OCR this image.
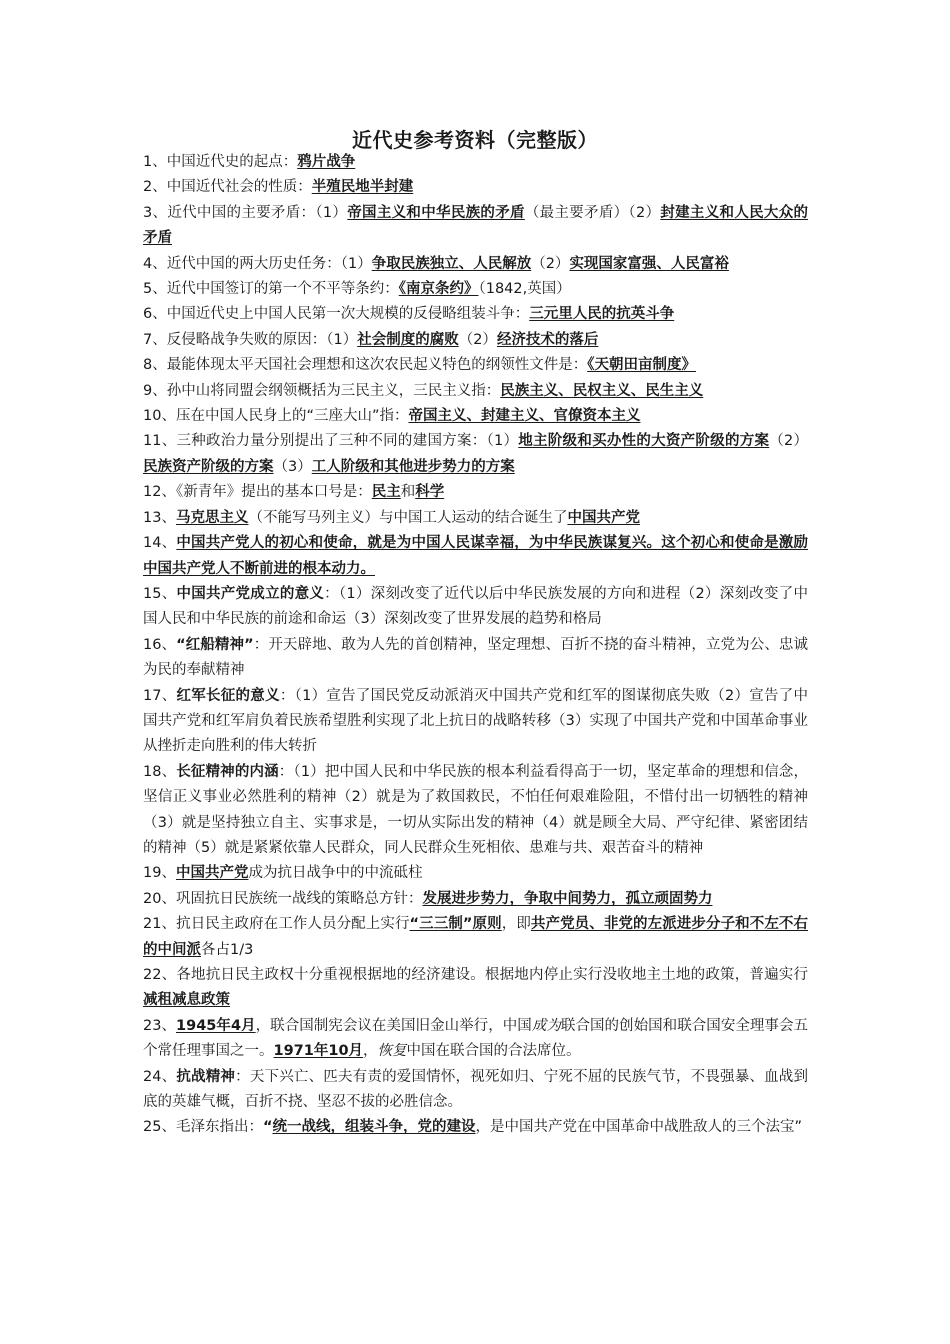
近代史参考资料（完整版）
1、中国近代史的起点：鸦片战争
2、中国近代社会的性质：半殖民地半封建
3、近代中国的主要矛盾：（1）帝国主义和中华民族的矛盾（最主要矛盾）（2）封建主义和人民大众的矛盾
4、近代中国的两大历史任务：（1）争取民族独立、人民解放（2）实现国家富强、人民富裕
5、近代中国签订的第一个不平等条约：《南京条约》（1842,英国）
6、中国近代史上中国人民第一次大规模的反侵略组装斗争：三元里人民的抗英斗争
7、反侵略战争失败的原因：（1）社会制度的腐败（2）经济技术的落后
8、最能体现太平天国社会理想和这次农民起义特色的纲领性文件是：《天朝田亩制度》
9、孙中山将同盟会纲领概括为三民主义，三民主义指：民族主义、民权主义、民生主义
10、压在中国人民身上的“三座大山”指：帝国主义、封建主义、官僚资本主义
11、三种政治力量分别提出了三种不同的建国方案：（1）地主阶级和买办性的大资产阶级的方案（2）民族资产阶级的方案（3）工人阶级和其他进步势力的方案
12、《新青年》提出的基本口号是：民主和科学
13、马克思主义（不能写马列主义）与中国工人运动的结合诞生了中国共产党
14、中国共产党人的初心和使命，就是为中国人民谋幸福，为中华民族谋复兴。这个初心和使命是激励中国共产党人不断前进的根本动力。
15、中国共产党成立的意义：（1）深刻改变了近代以后中华民族发展的方向和进程（2）深刻改变了中国人民和中华民族的前途和命运（3）深刻改变了世界发展的趋势和格局
16、“红船精神”：开天辟地、敢为人先的首创精神，坚定理想、百折不挠的奋斗精神，立党为公、忠诚为民的奉献精神
17、红军长征的意义：（1）宣告了国民党反动派消灭中国共产党和红军的图谋彻底失败（2）宣告了中国共产党和红军肩负着民族希望胜利实现了北上抗日的战略转移（3）实现了中国共产党和中国革命事业从挫折走向胜利的伟大转折
18、长征精神的内涵：（1）把中国人民和中华民族的根本利益看得高于一切，坚定革命的理想和信念，坚信正义事业必然胜利的精神（2）就是为了救国救民，不怕任何艰难险阻，不惜付出一切牺牲的精神（3）就是坚持独立自主、实事求是，一切从实际出发的精神（4）就是顾全大局、严守纪律、紧密团结的精神（5）就是紧紧依靠人民群众，同人民群众生死相依、患难与共、艰苦奋斗的精神
19、中国共产党成为抗日战争中的中流砥柱
20、巩固抗日民族统一战线的策略总方针：发展进步势力，争取中间势力，孤立顽固势力
21、抗日民主政府在工作人员分配上实行“三三制”原则，即共产党员、非党的左派进步分子和不左不右的中间派各占1/3
22、各地抗日民主政权十分重视根据地的经济建设。根据地内停止实行没收地主土地的政策，普遍实行减租减息政策
23、1945年4月，联合国制宪会议在美国旧金山举行，中国成为联合国的创始国和联合国安全理事会五个常任理事国之一。1971年10月，恢复中国在联合国的合法席位。
24、抗战精神：天下兴亡、匹夫有责的爱国情怀，视死如归、宁死不屈的民族气节，不畏强暴、血战到底的英雄气概，百折不挠、坚忍不拔的必胜信念。
25、毛泽东指出：“统一战线，组装斗争，党的建设，是中国共产党在中国革命中战胜敌人的三个法宝”
